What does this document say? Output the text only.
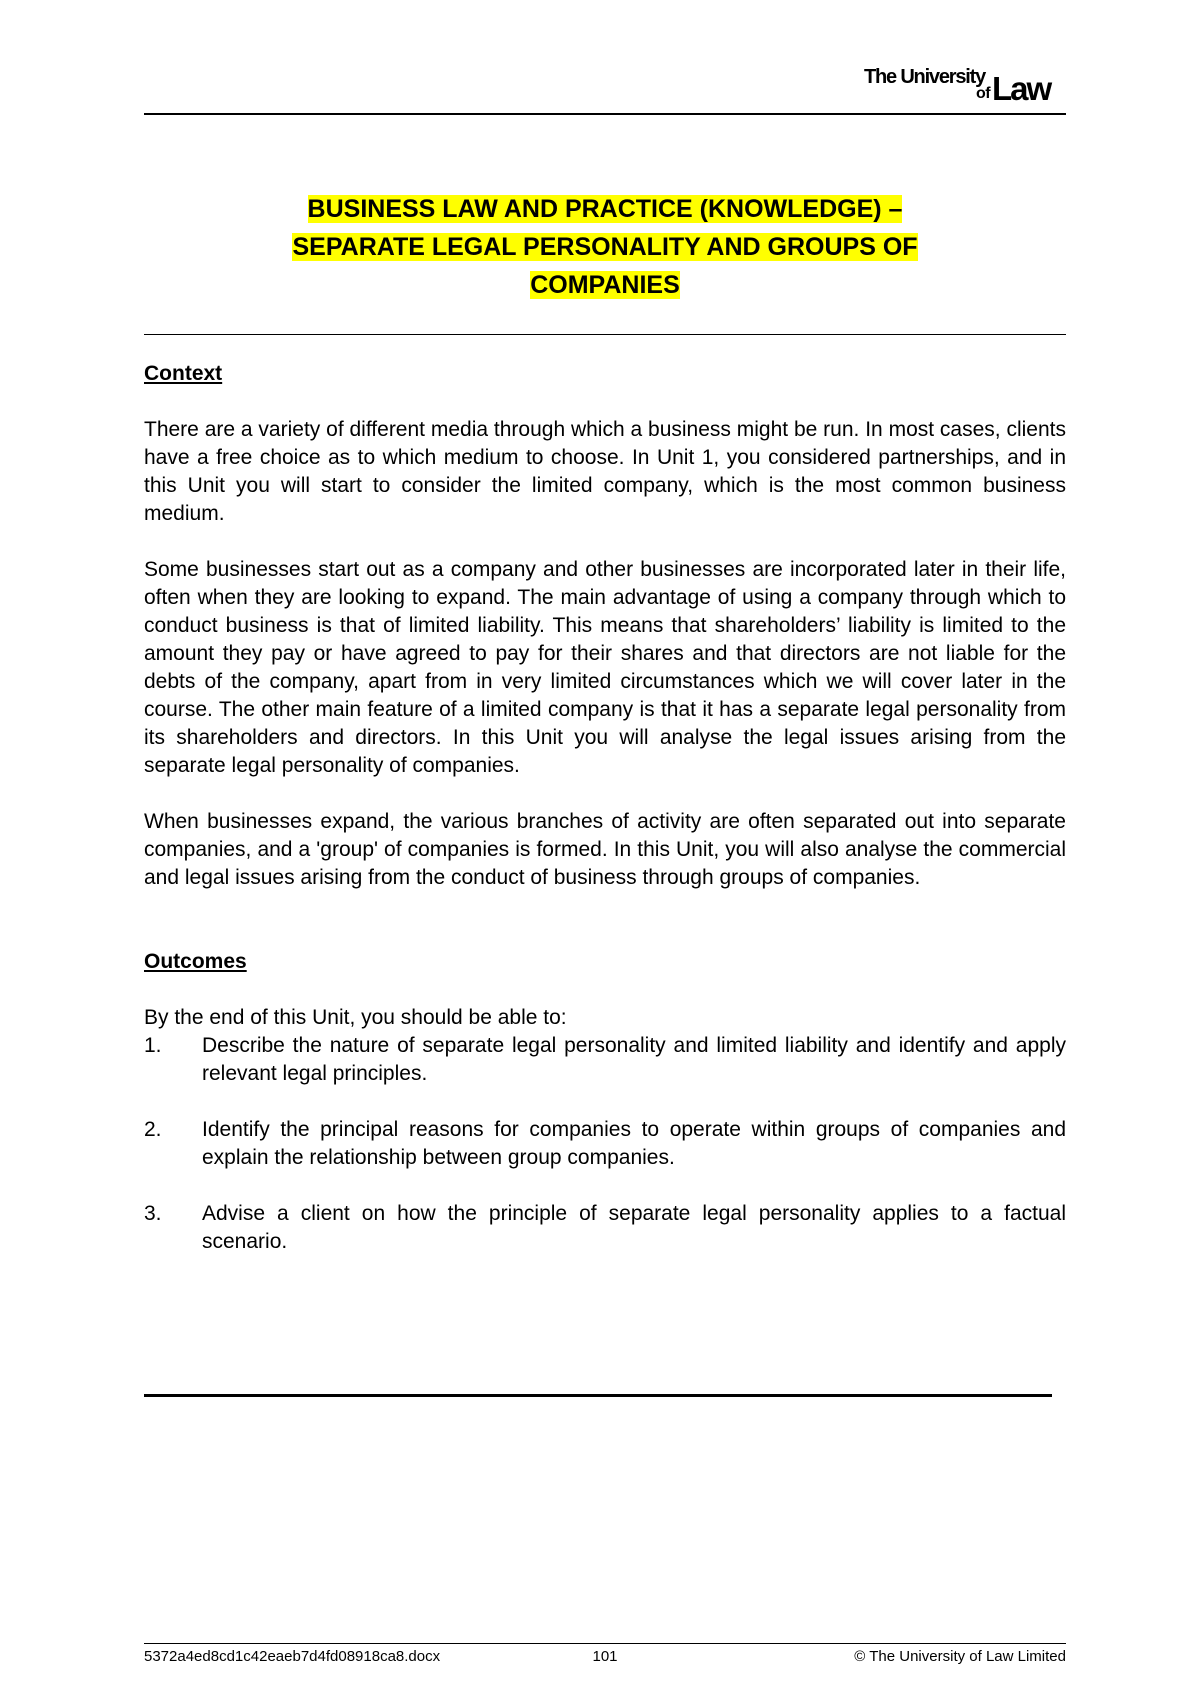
The University
of Law
BUSINESS LAW AND PRACTICE (KNOWLEDGE) –
SEPARATE LEGAL PERSONALITY AND GROUPS OF
COMPANIES

Context

There are a variety of different media through which a business might be run. In most cases, clients have a free choice as to which medium to choose. In Unit 1, you considered partnerships, and in this Unit you will start to consider the limited company, which is the most common business medium.

Some businesses start out as a company and other businesses are incorporated later in their life, often when they are looking to expand. The main advantage of using a company through which to conduct business is that of limited liability. This means that shareholders’ liability is limited to the amount they pay or have agreed to pay for their shares and that directors are not liable for the debts of the company, apart from in very limited circumstances which we will cover later in the course. The other main feature of a limited company is that it has a separate legal personality from its shareholders and directors. In this Unit you will analyse the legal issues arising from the separate legal personality of companies.

When businesses expand, the various branches of activity are often separated out into separate companies, and a 'group' of companies is formed. In this Unit, you will also analyse the commercial and legal issues arising from the conduct of business through groups of companies.

Outcomes

By the end of this Unit, you should be able to:

1.	Describe the nature of separate legal personality and limited liability and identify and apply relevant legal principles.
2.	Identify the principal reasons for companies to operate within groups of companies and explain the relationship between group companies.
3.	Advise a client on how the principle of separate legal personality applies to a factual scenario.
5372a4ed8cd1c42eaeb7d4fd08918ca8.docx	101	© The University of Law Limited
